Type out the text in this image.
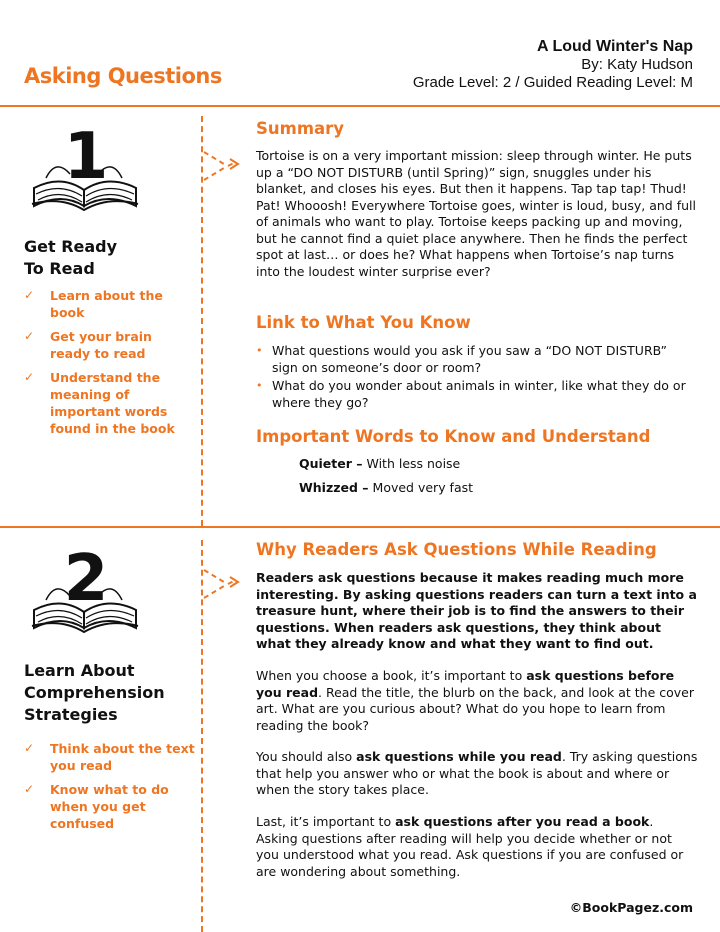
Asking Questions
A Loud Winter's Nap
By: Katy Hudson
Grade Level: 2 / Guided Reading Level: M
1
Get Ready
To Read
✓ Learn about the book
✓ Get your brain ready to read
✓ Understand the meaning of important words found in the book
Summary
Tortoise is on a very important mission: sleep through winter. He puts up a “DO NOT DISTURB (until Spring)” sign, snuggles under his blanket, and closes his eyes. But then it happens. Tap tap tap! Thud! Pat! Whooosh! Everywhere Tortoise goes, winter is loud, busy, and full of animals who want to play. Tortoise keeps packing up and moving, but he cannot find a quiet place anywhere. Then he finds the perfect spot at last… or does he? What happens when Tortoise’s nap turns into the loudest winter surprise ever?
Link to What You Know
• What questions would you ask if you saw a “DO NOT DISTURB” sign on someone’s door or room?
• What do you wonder about animals in winter, like what they do or where they go?
Important Words to Know and Understand
Quieter – With less noise
Whizzed – Moved very fast
2
Learn About
Comprehension
Strategies
✓ Think about the text you read
✓ Know what to do when you get confused
Why Readers Ask Questions While Reading
Readers ask questions because it makes reading much more interesting. By asking questions readers can turn a text into a treasure hunt, where their job is to find the answers to their questions. When readers ask questions, they think about what they already know and what they want to find out.
When you choose a book, it’s important to ask questions before you read. Read the title, the blurb on the back, and look at the cover art. What are you curious about? What do you hope to learn from reading the book?
You should also ask questions while you read. Try asking questions that help you answer who or what the book is about and where or when the story takes place.
Last, it’s important to ask questions after you read a book. Asking questions after reading will help you decide whether or not you understood what you read. Ask questions if you are confused or are wondering about something.
©BookPagez.com
